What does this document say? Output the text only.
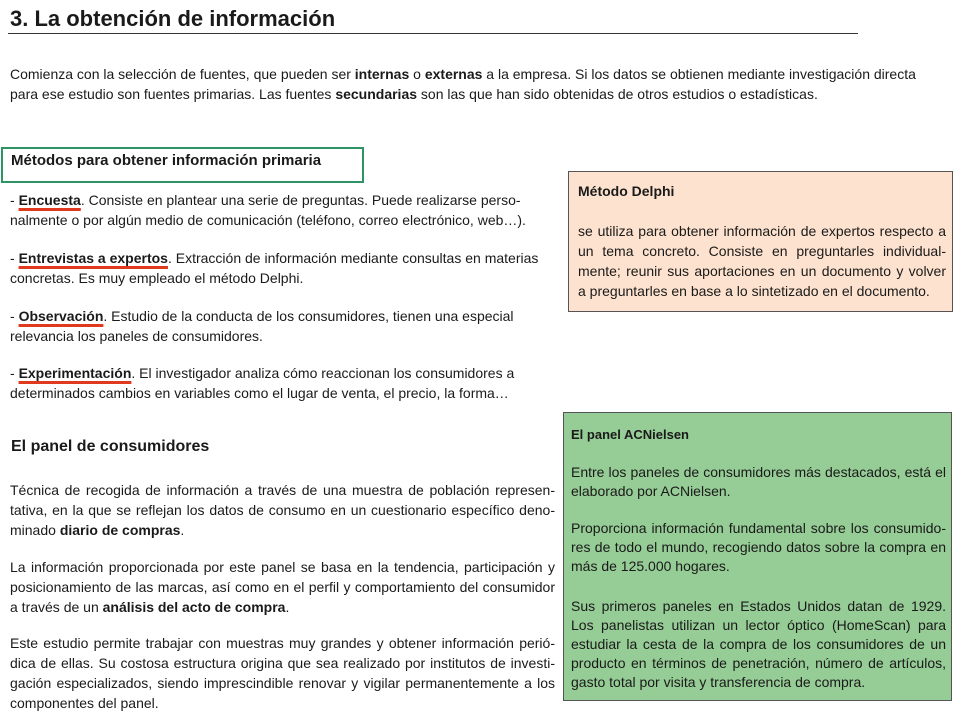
3. La obtención de información

Comienza con la selección de fuentes, que pueden ser internas o externas a la empresa. Si los datos se obtienen mediante investigación directa para ese estudio son fuentes primarias. Las fuentes secundarias son las que han sido obtenidas de otros estudios o estadísticas.

Métodos para obtener información primaria

- Encuesta. Consiste en plantear una serie de preguntas. Puede realizarse personalmente o por algún medio de comunicación (teléfono, correo electrónico, web…).

- Entrevistas a expertos. Extracción de información mediante consultas en materias concretas. Es muy empleado el método Delphi.

- Observación. Estudio de la conducta de los consumidores, tienen una especial relevancia los paneles de consumidores.

- Experimentación. El investigador analiza cómo reaccionan los consumidores a determinados cambios en variables como el lugar de venta, el precio, la forma…

El panel de consumidores

Técnica de recogida de información a través de una muestra de población representativa, en la que se reflejan los datos de consumo en un cuestionario específico denominado diario de compras.

La información proporcionada por este panel se basa en la tendencia, participación y posicionamiento de las marcas, así como en el perfil y comportamiento del consumidor a través de un análisis del acto de compra.

Este estudio permite trabajar con muestras muy grandes y obtener información periódica de ellas. Su costosa estructura origina que sea realizado por institutos de investigación especializados, siendo imprescindible renovar y vigilar permanentemente a los componentes del panel.

Método Delphi

se utiliza para obtener información de expertos respecto a un tema concreto. Consiste en preguntarles individualmente; reunir sus aportaciones en un documento y volver a preguntarles en base a lo sintetizado en el documento.

El panel ACNielsen

Entre los paneles de consumidores más destacados, está el elaborado por ACNielsen.

Proporciona información fundamental sobre los consumidores de todo el mundo, recogiendo datos sobre la compra en más de 125.000 hogares.

Sus primeros paneles en Estados Unidos datan de 1929. Los panelistas utilizan un lector óptico (HomeScan) para estudiar la cesta de la compra de los consumidores de un producto en términos de penetración, número de artículos, gasto total por visita y transferencia de compra.
